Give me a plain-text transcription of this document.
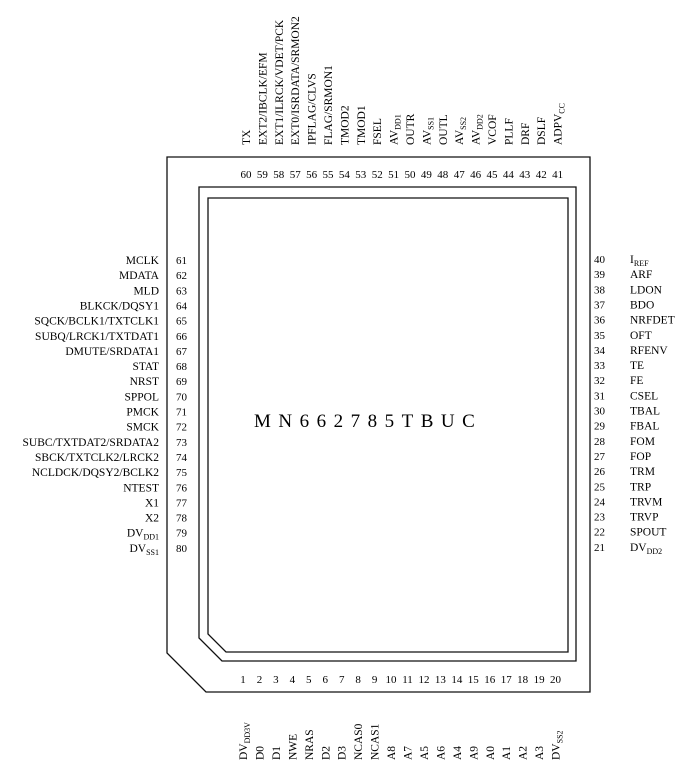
MN662785TBUC
60
TX
59
EXT2/IBCLK/EFM
58
EXT1/ILRCK/VDET/PCK
57
EXT0/ISRDATA/SRMON2
56
IPFLAG/CLVS
55
FLAG/SRMON1
54
TMOD2
53
TMOD1
52
FSEL
51
$AV_{DD1}$
50
OUTR
49
$AV_{SS1}$
48
OUTL
47
$AV_{SS2}$
46
$AV_{DD2}$
45
VCOF
44
PLLF
43
DRF
42
DSLF
41
$ADPV_{CC}$
MCLK 61
MDATA 62
MLD 63
BLKCK/DQSY1 64
SQCK/BCLK1/TXTCLK1 65
SUBQ/LRCK1/TXTDAT1 66
DMUTE/SRDATA1 67
STAT 68
NRST 69
SPPOL 70
PMCK 71
SMCK 72
SUBC/TXTDAT2/SRDATA2 73
SBCK/TXTCLK2/LRCK2 74
NCLDCK/DQSY2/BCLK2 75
NTEST 76
X1 77
X2 78
$DV_{DD1}$ 79
$DV_{SS1}$ 80
40 $I_{REF}$
39 ARF
38 LDON
37 BDO
36 NRFDET
35 OFT
34 RFENV
33 TE
32 FE
31 CSEL
30 TBAL
29 FBAL
28 FOM
27 FOP
26 TRM
25 TRP
24 TRVM
23 TRVP
22 SPOUT
21 $DV_{DD2}$
1
$DV_{DD3V}$
2
D0
3
D1
4
NWE
5
NRAS
6
D2
7
D3
8
NCAS0
9
NCAS1
10
A8
11
A7
12
A5
13
A6
14
A4
15
A9
16
A0
17
A1
18
A2
19
A3
20
$DV_{SS2}$
